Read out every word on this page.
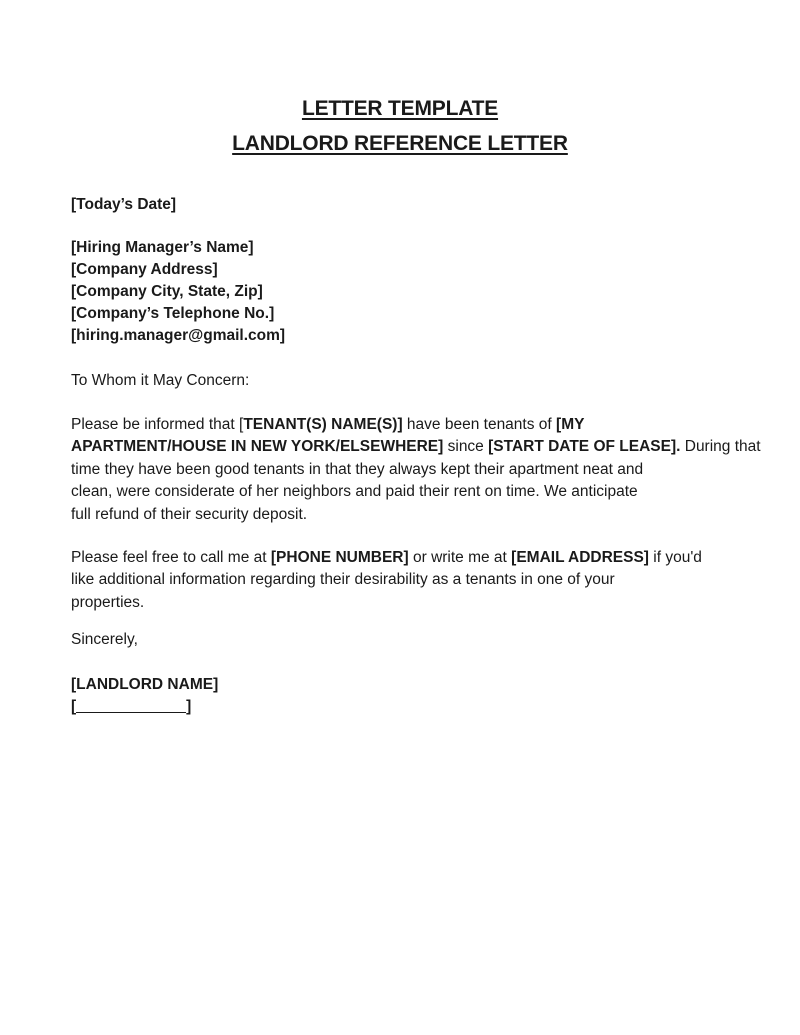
LETTER TEMPLATE
LANDLORD REFERENCE LETTER
[Today’s Date]
[Hiring Manager’s Name]
[Company Address]
[Company City, State, Zip]
[Company’s Telephone No.]
[hiring.manager@gmail.com]
To Whom it May Concern:
Please be informed that [TENANT(S) NAME(S)] have been tenants of [MY
APARTMENT/HOUSE IN NEW YORK/ELSEWHERE] since [START DATE OF LEASE]. During that
time they have been good tenants in that they always kept their apartment neat and
clean, were considerate of her neighbors and paid their rent on time. We anticipate
full refund of their security deposit.
Please feel free to call me at [PHONE NUMBER] or write me at [EMAIL ADDRESS] if you'd
like additional information regarding their desirability as a tenants in one of your
properties.
Sincerely,
[LANDLORD NAME]
[	]
